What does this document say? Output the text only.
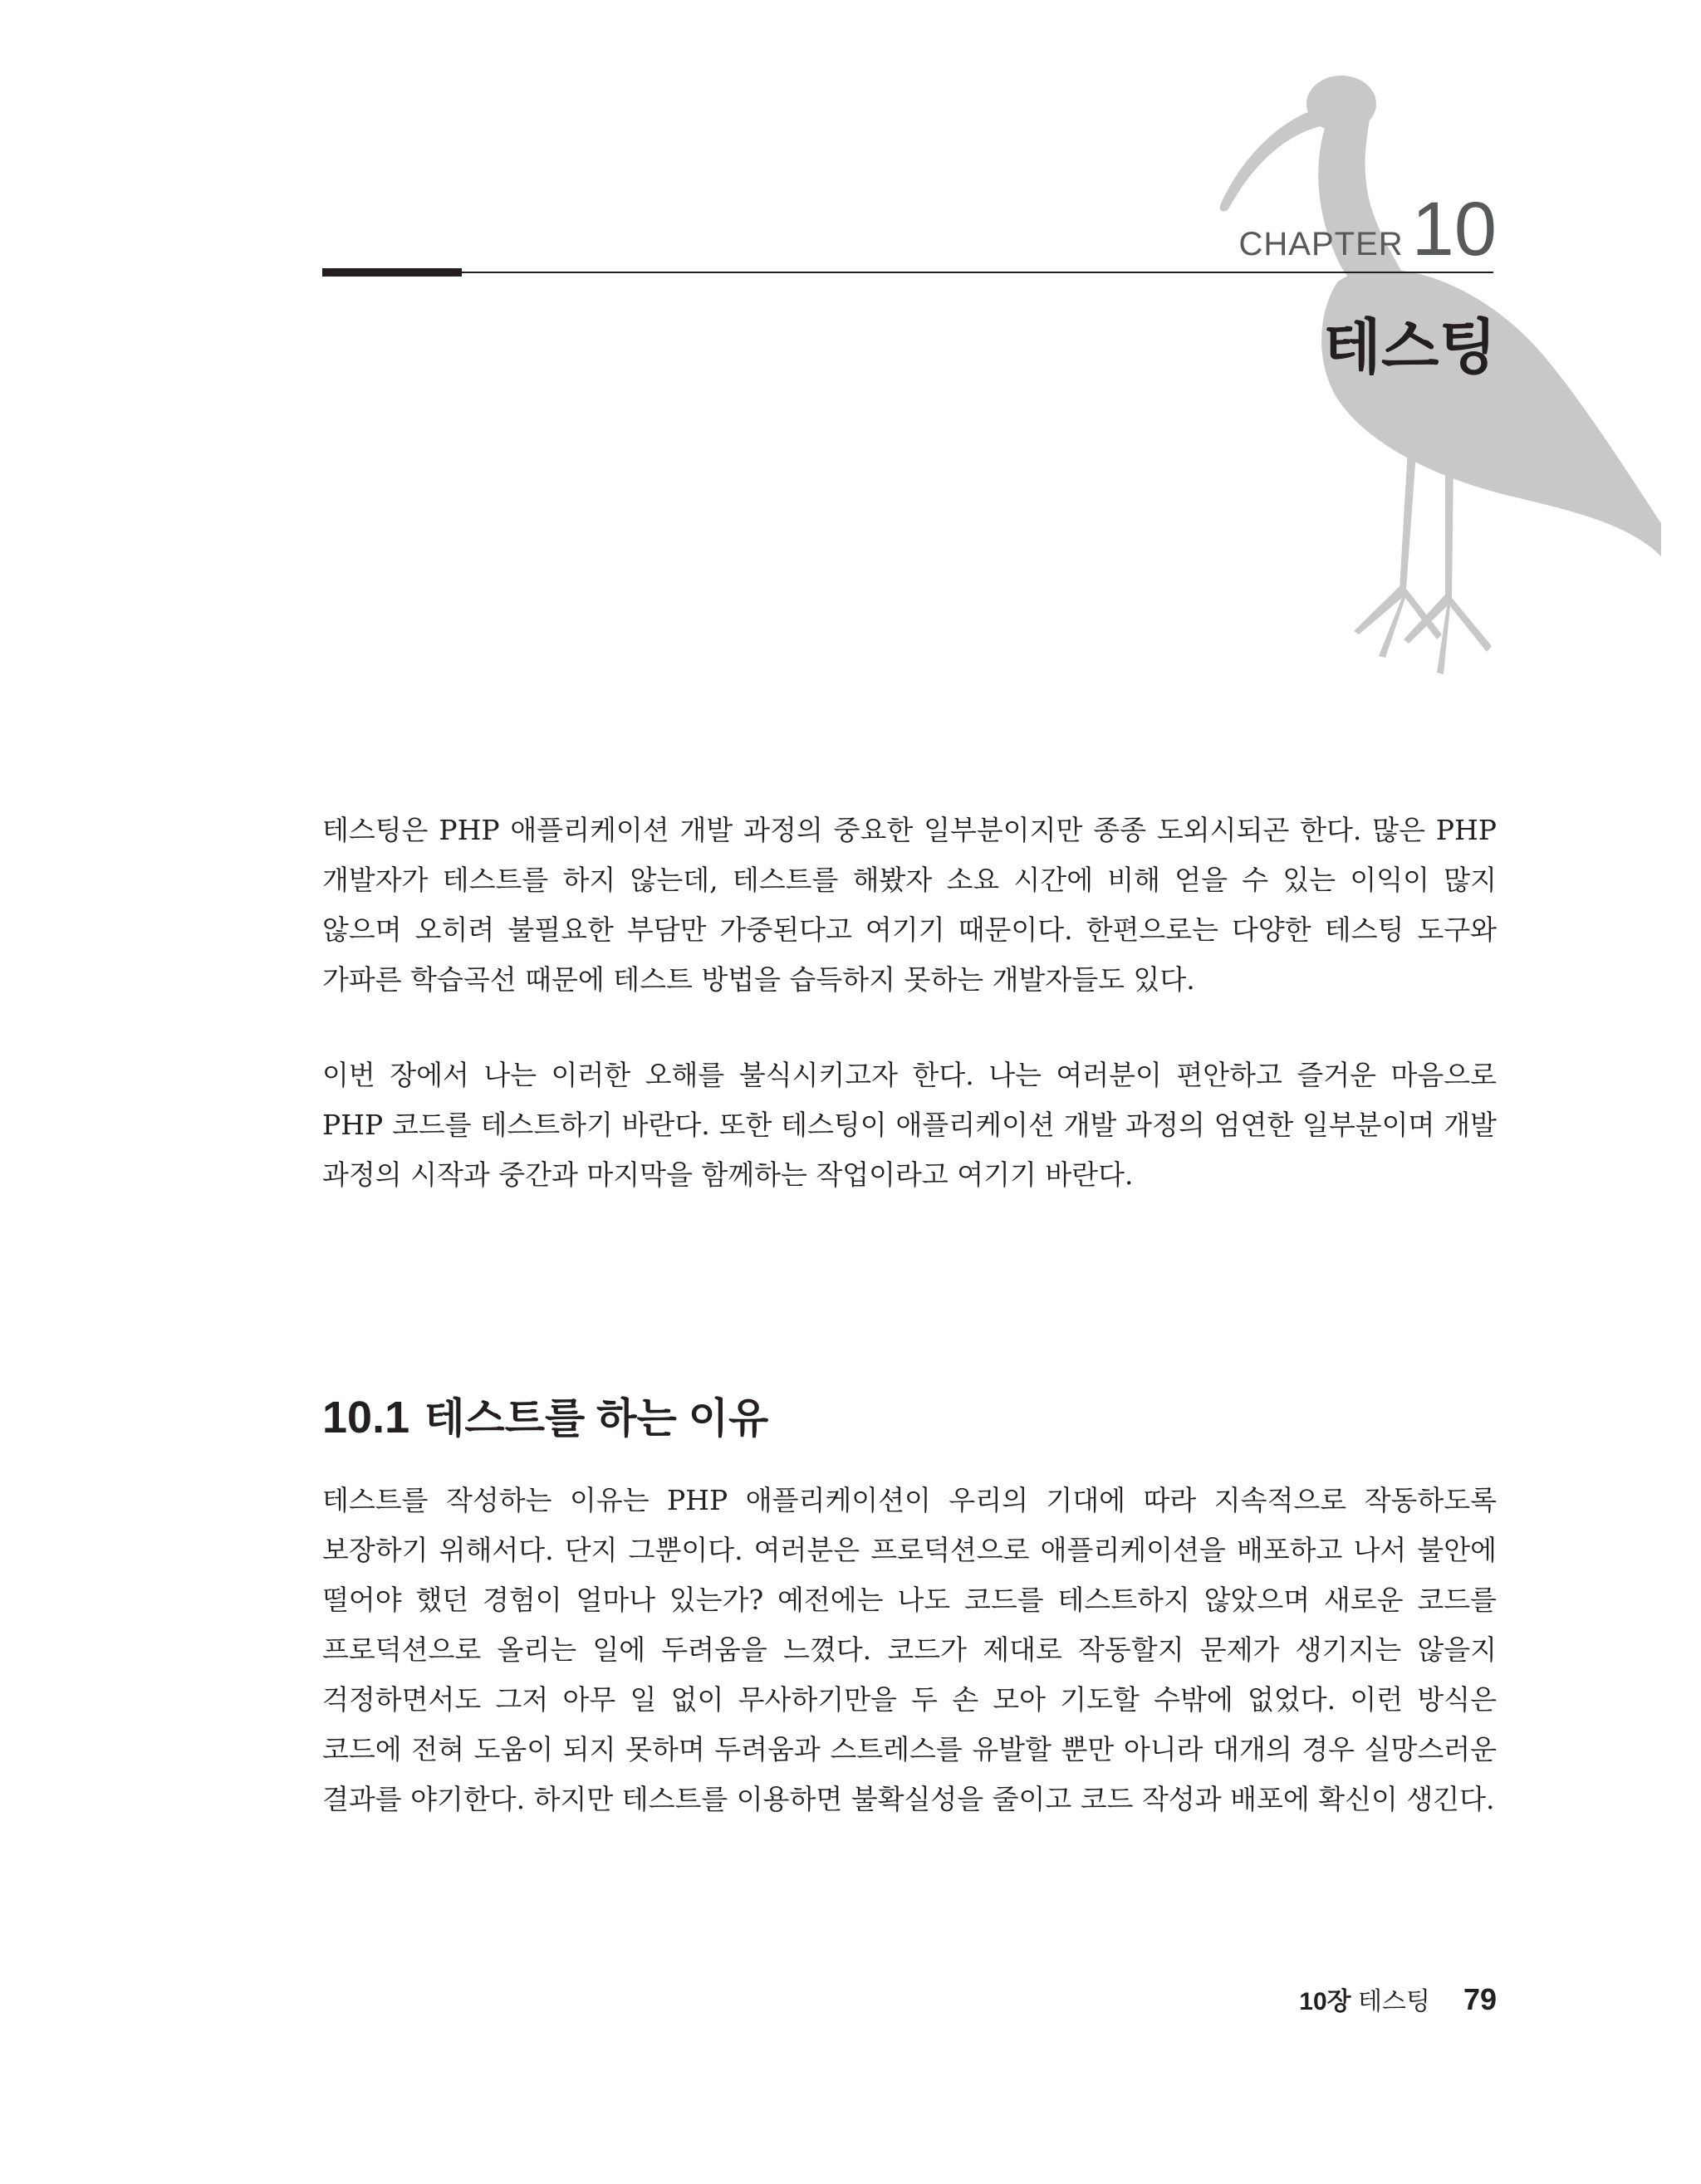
CHAPTER 10
테스팅

테스팅은 PHP 애플리케이션 개발 과정의 중요한 일부분이지만 종종 도외시되곤 한다. 많은 PHP 개발자가 테스트를 하지 않는데, 테스트를 해봤자 소요 시간에 비해 얻을 수 있는 이익이 많지 않으며 오히려 불필요한 부담만 가중된다고 여기기 때문이다. 한편으로는 다양한 테스팅 도구와 가파른 학습곡선 때문에 테스트 방법을 습득하지 못하는 개발자들도 있다.

이번 장에서 나는 이러한 오해를 불식시키고자 한다. 나는 여러분이 편안하고 즐거운 마음으로 PHP 코드를 테스트하기 바란다. 또한 테스팅이 애플리케이션 개발 과정의 엄연한 일부분이며 개발 과정의 시작과 중간과 마지막을 함께하는 작업이라고 여기기 바란다.

10.1 테스트를 하는 이유

테스트를 작성하는 이유는 PHP 애플리케이션이 우리의 기대에 따라 지속적으로 작동하도록 보장하기 위해서다. 단지 그뿐이다. 여러분은 프로덕션으로 애플리케이션을 배포하고 나서 불안에 떨어야 했던 경험이 얼마나 있는가? 예전에는 나도 코드를 테스트하지 않았으며 새로운 코드를 프로덕션으로 올리는 일에 두려움을 느꼈다. 코드가 제대로 작동할지 문제가 생기지는 않을지 걱정하면서도 그저 아무 일 없이 무사하기만을 두 손 모아 기도할 수밖에 없었다. 이런 방식은 코드에 전혀 도움이 되지 못하며 두려움과 스트레스를 유발할 뿐만 아니라 대개의 경우 실망스러운 결과를 야기한다. 하지만 테스트를 이용하면 불확실성을 줄이고 코드 작성과 배포에 확신이 생긴다.

10장 테스팅 79
